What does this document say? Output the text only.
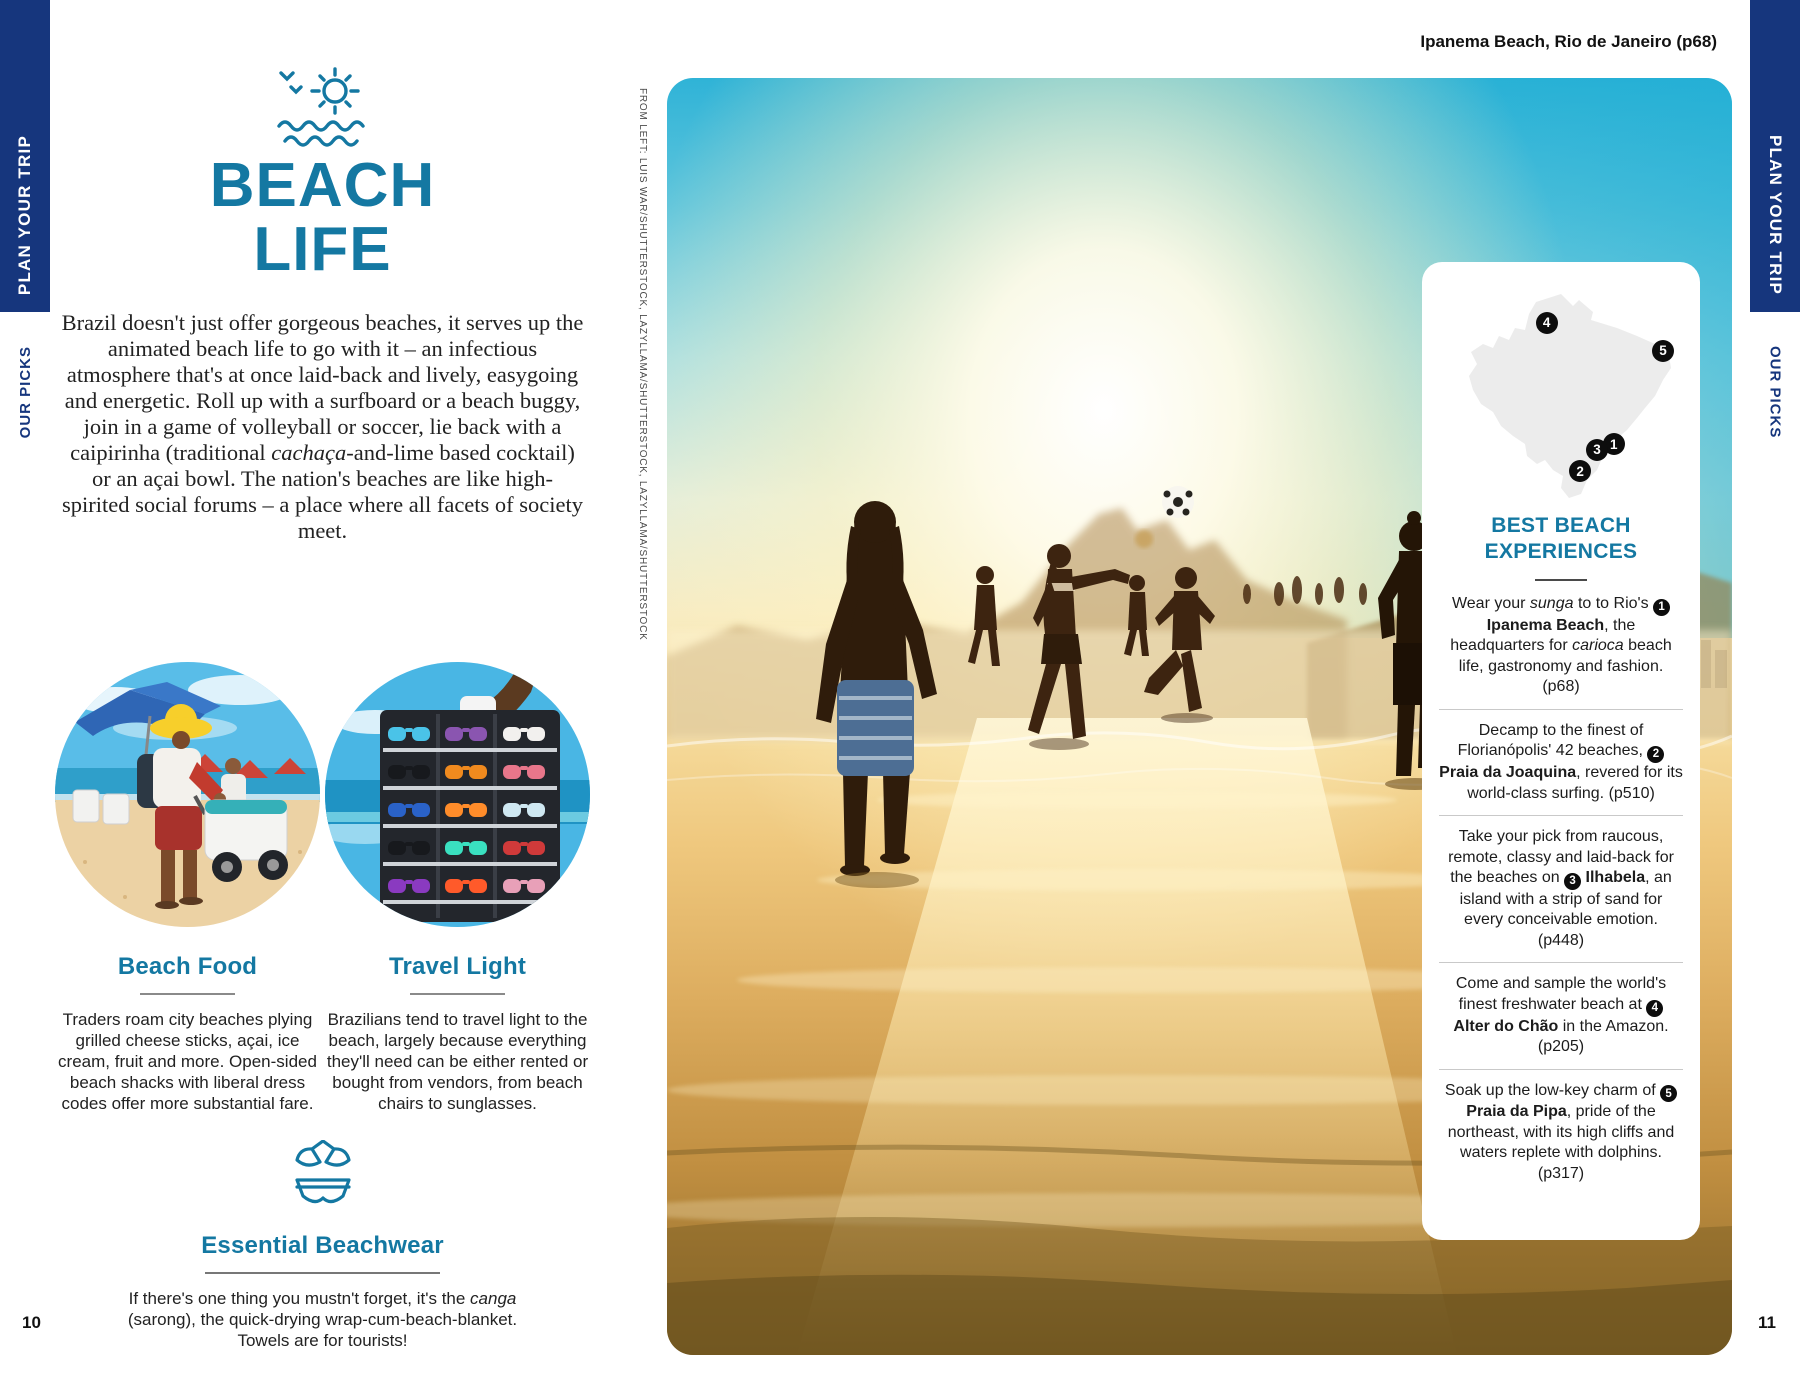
PLAN YOUR TRIP
OUR PICKS
PLAN YOUR TRIP
OUR PICKS
BEACH
LIFE

Brazil doesn't just offer gorgeous beaches, it serves up the animated beach life to go with it – an infectious atmosphere that's at once laid-back and lively, easygoing and energetic. Roll up with a surfboard or a beach buggy, join in a game of volleyball or soccer, lie back with a caipirinha (traditional cachaça-and-lime based cocktail) or an açai bowl. The nation's beaches are like high-spirited social forums – a place where all facets of society meet.

Beach Food

Traders roam city beaches plying grilled cheese sticks, açai, ice cream, fruit and more. Open-sided beach shacks with liberal dress codes offer more substantial fare.

Travel Light

Brazilians tend to travel light to the beach, largely because everything they'll need can be either rented or bought from vendors, from beach chairs to sunglasses.

Essential Beachwear

If there's one thing you mustn't forget, it's the canga (sarong), the quick-drying wrap-cum-beach-blanket. Towels are for tourists!

Ipanema Beach, Rio de Janeiro (p68)
FROM LEFT: LUIS WAR/SHUTTERSTOCK, LAZYLLAMA/SHUTTERSTOCK, LAZYLLAMA/SHUTTERSTOCK	1
2
3
4
5
BEST BEACH
EXPERIENCES
Wear your sunga to to Rio's 1 Ipanema Beach, the headquarters for carioca beach life, gastronomy and fashion. (p68)
Decamp to the finest of Florianópolis' 42 beaches, 2 Praia da Joaquina, revered for its world-class surfing. (p510)
Take your pick from raucous, remote, classy and laid-back for the beaches on 3 Ilhabela, an island with a strip of sand for every conceivable emotion. (p448)
Come and sample the world's finest freshwater beach at 4 Alter do Chão in the Amazon. (p205)
Soak up the low-key charm of 5 Praia da Pipa, pride of the northeast, with its high cliffs and waters replete with dolphins. (p317)
10	11
